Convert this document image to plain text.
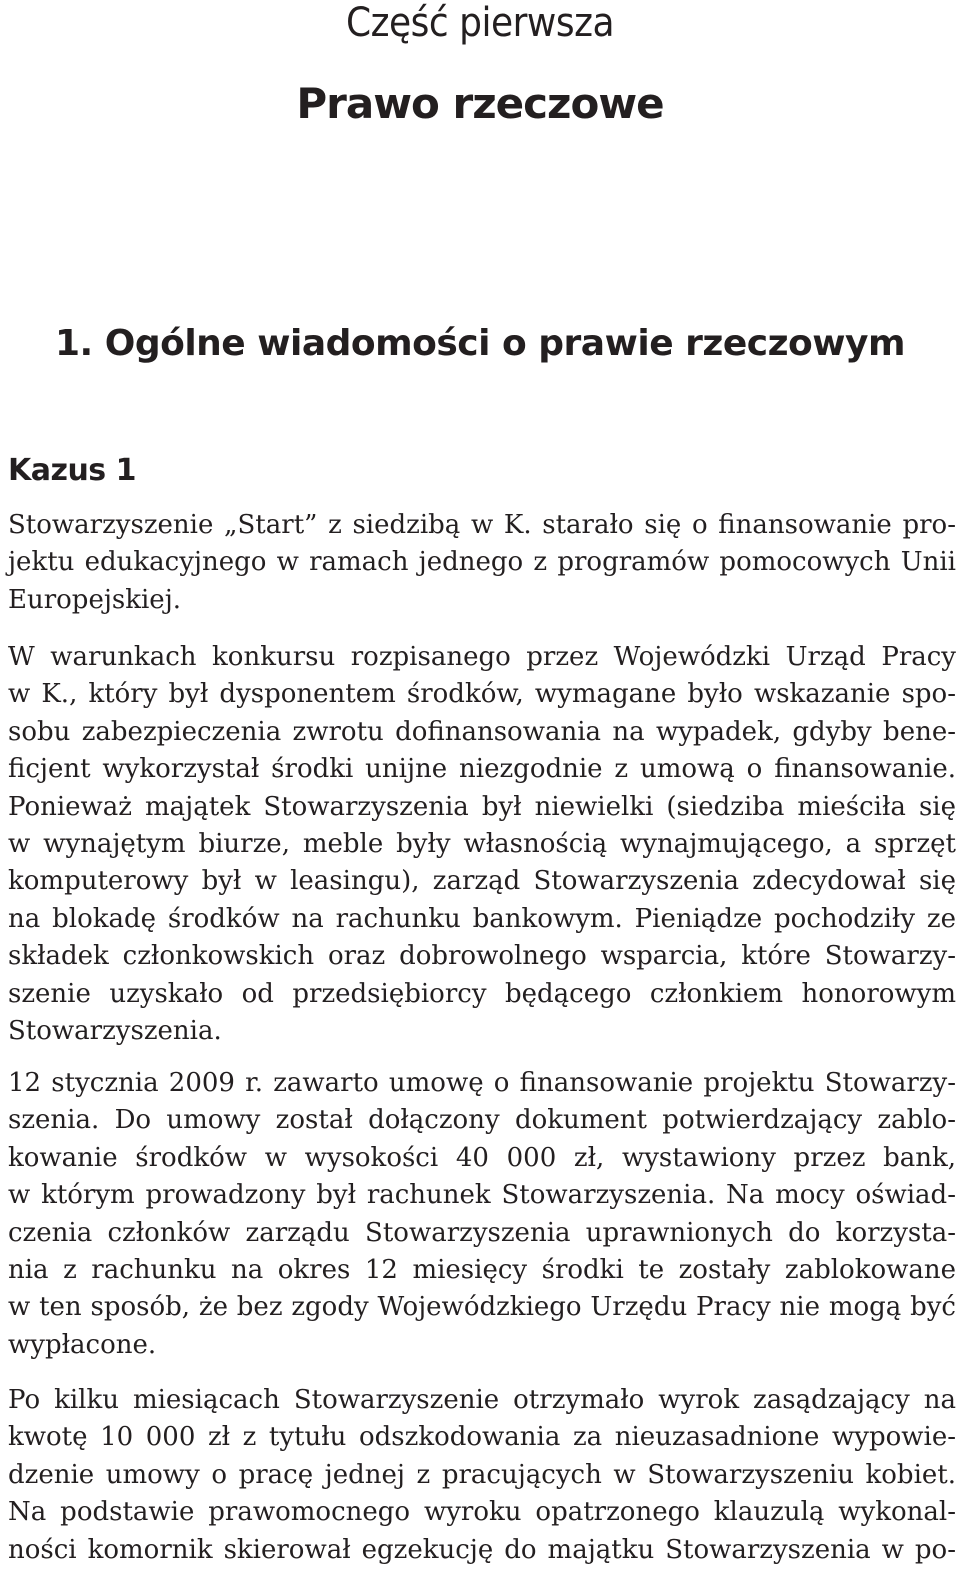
Część pierwsza
Prawo rzeczowe
1. Ogólne wiadomości o prawie rzeczowym
Kazus 1
Stowarzyszenie „Start” z siedzibą w K. starało się o finansowanie pro-
jektu edukacyjnego w ramach jednego z programów pomocowych Unii
Europejskiej.
W warunkach konkursu rozpisanego przez Wojewódzki Urząd Pracy
w K., który był dysponentem środków, wymagane było wskazanie spo-
sobu zabezpieczenia zwrotu dofinansowania na wypadek, gdyby bene-
ficjent wykorzystał środki unijne niezgodnie z umową o finansowanie.
Ponieważ majątek Stowarzyszenia był niewielki (siedziba mieściła się
w wynajętym biurze, meble były własnością wynajmującego, a sprzęt
komputerowy był w leasingu), zarząd Stowarzyszenia zdecydował się
na blokadę środków na rachunku bankowym. Pieniądze pochodziły ze
składek członkowskich oraz dobrowolnego wsparcia, które Stowarzy-
szenie uzyskało od przedsiębiorcy będącego członkiem honorowym
Stowarzyszenia.
12 stycznia 2009 r. zawarto umowę o finansowanie projektu Stowarzy-
szenia. Do umowy został dołączony dokument potwierdzający zablo-
kowanie środków w wysokości 40 000 zł, wystawiony przez bank,
w którym prowadzony był rachunek Stowarzyszenia. Na mocy oświad-
czenia członków zarządu Stowarzyszenia uprawnionych do korzysta-
nia z rachunku na okres 12 miesięcy środki te zostały zablokowane
w ten sposób, że bez zgody Wojewódzkiego Urzędu Pracy nie mogą być
wypłacone.
Po kilku miesiącach Stowarzyszenie otrzymało wyrok zasądzający na
kwotę 10 000 zł z tytułu odszkodowania za nieuzasadnione wypowie-
dzenie umowy o pracę jednej z pracujących w Stowarzyszeniu kobiet.
Na podstawie prawomocnego wyroku opatrzonego klauzulą wykonal-
ności komornik skierował egzekucję do majątku Stowarzyszenia w po-
